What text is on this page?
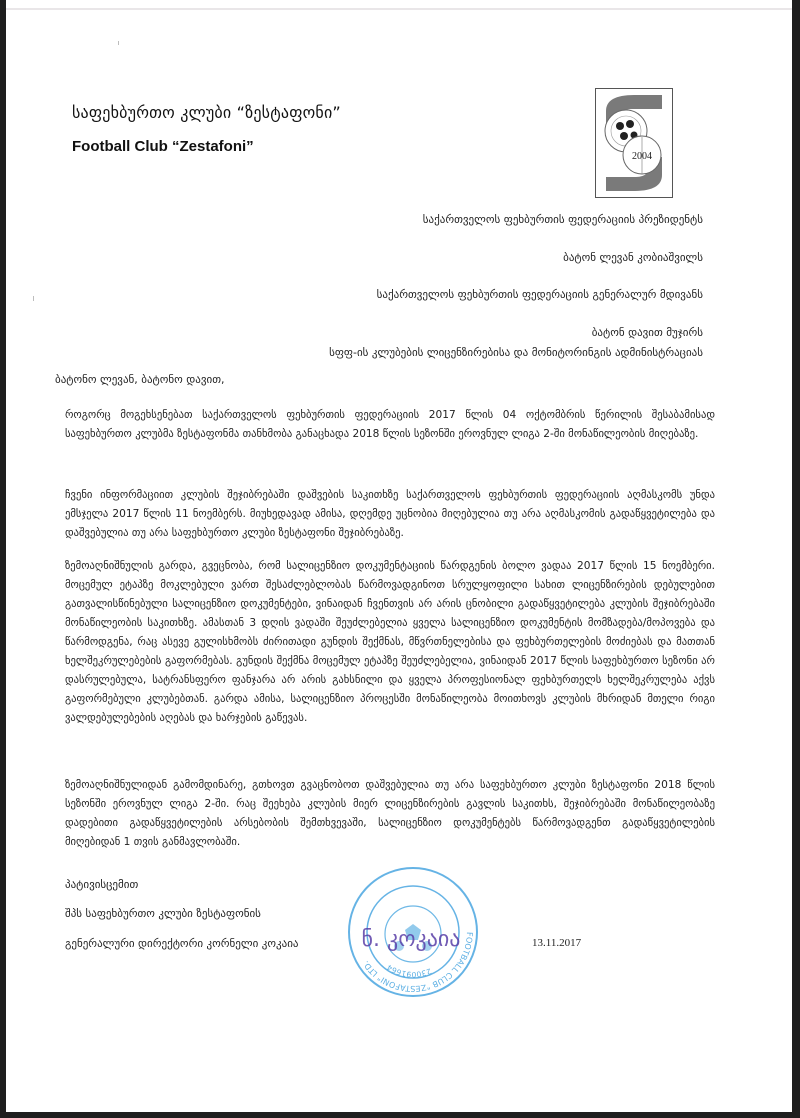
საფეხბურთო კლუბი “ზესტაფონი”
Football Club “Zestafoni”
2004
საქართველოს ფეხბურთის ფედერაციის პრეზიდენტს
ბატონ ლევან კობიაშვილს
საქართველოს ფეხბურთის ფედერაციის გენერალურ მდივანს
ბატონ დავით მუჯირს
სფფ-ის კლუბების ლიცენზირებისა და მონიტორინგის ადმინისტრაციას
ბატონო ლევან, ბატონო დავით,
როგორც მოგეხსენებათ საქართველოს ფეხბურთის ფედერაციის 2017 წლის 04 ოქტომბრის წერილის შესაბამისად საფეხბურთო კლუბმა ზესტაფონმა თანხმობა განაცხადა 2018 წლის სეზონში ეროვნულ ლიგა 2-ში მონაწილეობის მიღებაზე.
ჩვენი ინფორმაციით კლუბის შეჯიბრებაში დაშვების საკითხზე საქართველოს ფეხბურთის ფედერაციის აღმასკომს უნდა ემსჯელა 2017 წლის 11 ნოემბერს. მიუხედავად ამისა, დღემდე უცნობია მიღებულია თუ არა აღმასკომის გადაწყვეტილება და დაშვებულია თუ არა საფეხბურთო კლუბი ზესტაფონი შეჯიბრებაზე.
ზემოაღნიშნულის გარდა, გვეცნობა, რომ სალიცენზიო დოკუმენტაციის წარდგენის ბოლო ვადაა 2017 წლის 15 ნოემბერი. მოცემულ ეტაპზე მოკლებული ვართ შესაძლებლობას წარმოვადგინოთ სრულყოფილი სახით ლიცენზირების დებულებით გათვალისწინებული სალიცენზიო დოკუმენტები, ვინაიდან ჩვენთვის არ არის ცნობილი გადაწყვეტილება კლუბის შეჯიბრებაში მონაწილეობის საკითხზე. ამასთან 3 დღის ვადაში შეუძლებელია ყველა სალიცენზიო დოკუმენტის მომზადება/მოპოვება და წარმოდგენა, რაც ასევე გულისხმობს ძირითადი გუნდის შექმნას, მწვრთნელებისა და ფეხბურთელების მოძიებას და მათთან ხელშეკრულებების გაფორმებას. გუნდის შექმნა მოცემულ ეტაპზე შეუძლებელია, ვინაიდან 2017 წლის საფეხბურთო სეზონი არ დასრულებულა, სატრანსფერო ფანჯარა არ არის გახსნილი და ყველა პროფესიონალ ფეხბურთელს ხელშეკრულება აქვს გაფორმებული კლუბებთან. გარდა ამისა, სალიცენზიო პროცესში მონაწილეობა მოითხოვს კლუბის მხრიდან მთელი რიგი ვალდებულებების აღებას და ხარჯების გაწევას.
ზემოაღნიშნულიდან გამომდინარე, გთხოვთ გვაცნობოთ დაშვებულია თუ არა საფეხბურთო კლუბი ზესტაფონი 2018 წლის სეზონში ეროვნულ ლიგა 2-ში. რაც შეეხება კლუბის მიერ ლიცენზირების გავლის საკითხს, შეჯიბრებაში მონაწილეობაზე დადებითი გადაწყვეტილების არსებობის შემთხვევაში, სალიცენზიო დოკუმენტებს წარმოვადგენთ გადაწყვეტილების მიღებიდან 1 თვის განმავლობაში.
პატივისცემით
შპს საფეხბურთო კლუბი ზესტაფონის
გენერალური დირექტორი კორნელი კოკაია	13.11.2017
FOOTBALL CLUB "ZESTAFONI" LTD.
230091664
ნ. კოკაია
